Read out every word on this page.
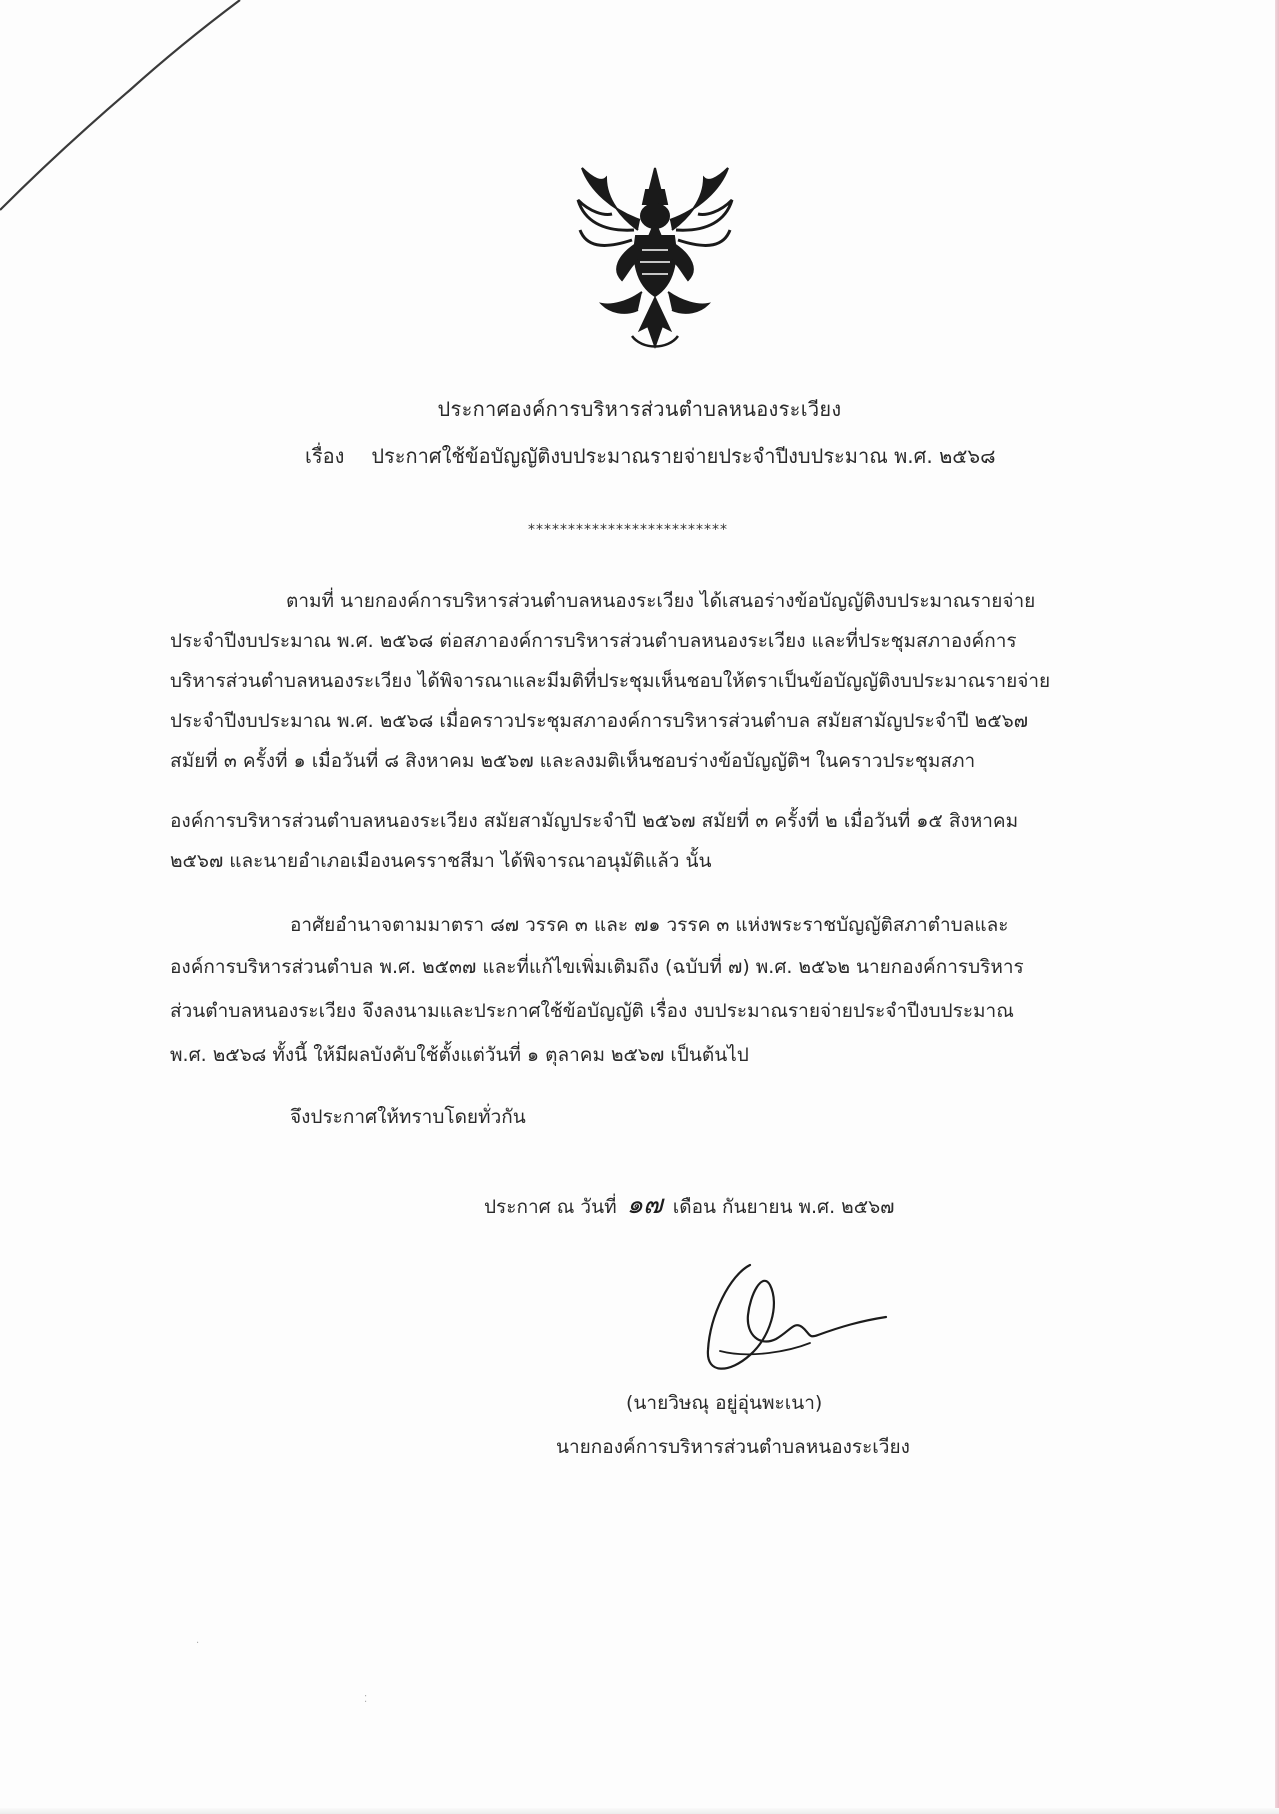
ประกาศองค์การบริหารส่วนตำบลหนองระเวียง
เรื่อง ประกาศใช้ข้อบัญญัติงบประมาณรายจ่ายประจำปีงบประมาณ พ.ศ. ๒๕๖๘
*************************
ตามที่ นายกองค์การบริหารส่วนตำบลหนองระเวียง ได้เสนอร่างข้อบัญญัติงบประมาณรายจ่าย
ประจำปีงบประมาณ พ.ศ. ๒๕๖๘ ต่อสภาองค์การบริหารส่วนตำบลหนองระเวียง และที่ประชุมสภาองค์การ
บริหารส่วนตำบลหนองระเวียง ได้พิจารณาและมีมติที่ประชุมเห็นชอบให้ตราเป็นข้อบัญญัติงบประมาณรายจ่าย
ประจำปีงบประมาณ พ.ศ. ๒๕๖๘ เมื่อคราวประชุมสภาองค์การบริหารส่วนตำบล สมัยสามัญประจำปี ๒๕๖๗
สมัยที่ ๓ ครั้งที่ ๑ เมื่อวันที่ ๘ สิงหาคม ๒๕๖๗ และลงมติเห็นชอบร่างข้อบัญญัติฯ ในคราวประชุมสภา
องค์การบริหารส่วนตำบลหนองระเวียง สมัยสามัญประจำปี ๒๕๖๗ สมัยที่ ๓ ครั้งที่ ๒ เมื่อวันที่ ๑๕ สิงหาคม
๒๕๖๗ และนายอำเภอเมืองนครราชสีมา ได้พิจารณาอนุมัติแล้ว นั้น
อาศัยอำนาจตามมาตรา ๘๗ วรรค ๓ และ ๗๑ วรรค ๓ แห่งพระราชบัญญัติสภาตำบลและ
องค์การบริหารส่วนตำบล พ.ศ. ๒๕๓๗ และที่แก้ไขเพิ่มเติมถึง (ฉบับที่ ๗) พ.ศ. ๒๕๖๒ นายกองค์การบริหาร
ส่วนตำบลหนองระเวียง จึงลงนามและประกาศใช้ข้อบัญญัติ เรื่อง งบประมาณรายจ่ายประจำปีงบประมาณ
พ.ศ. ๒๕๖๘ ทั้งนี้ ให้มีผลบังคับใช้ตั้งแต่วันที่ ๑ ตุลาคม ๒๕๖๗ เป็นต้นไป
จึงประกาศให้ทราบโดยทั่วกัน
ประกาศ ณ วันที่ ๑๗ เดือน กันยายน พ.ศ. ๒๕๖๗
(นายวิษณุ อยู่อุ่นพะเนา)
นายกองค์การบริหารส่วนตำบลหนองระเวียง
·
⁚
